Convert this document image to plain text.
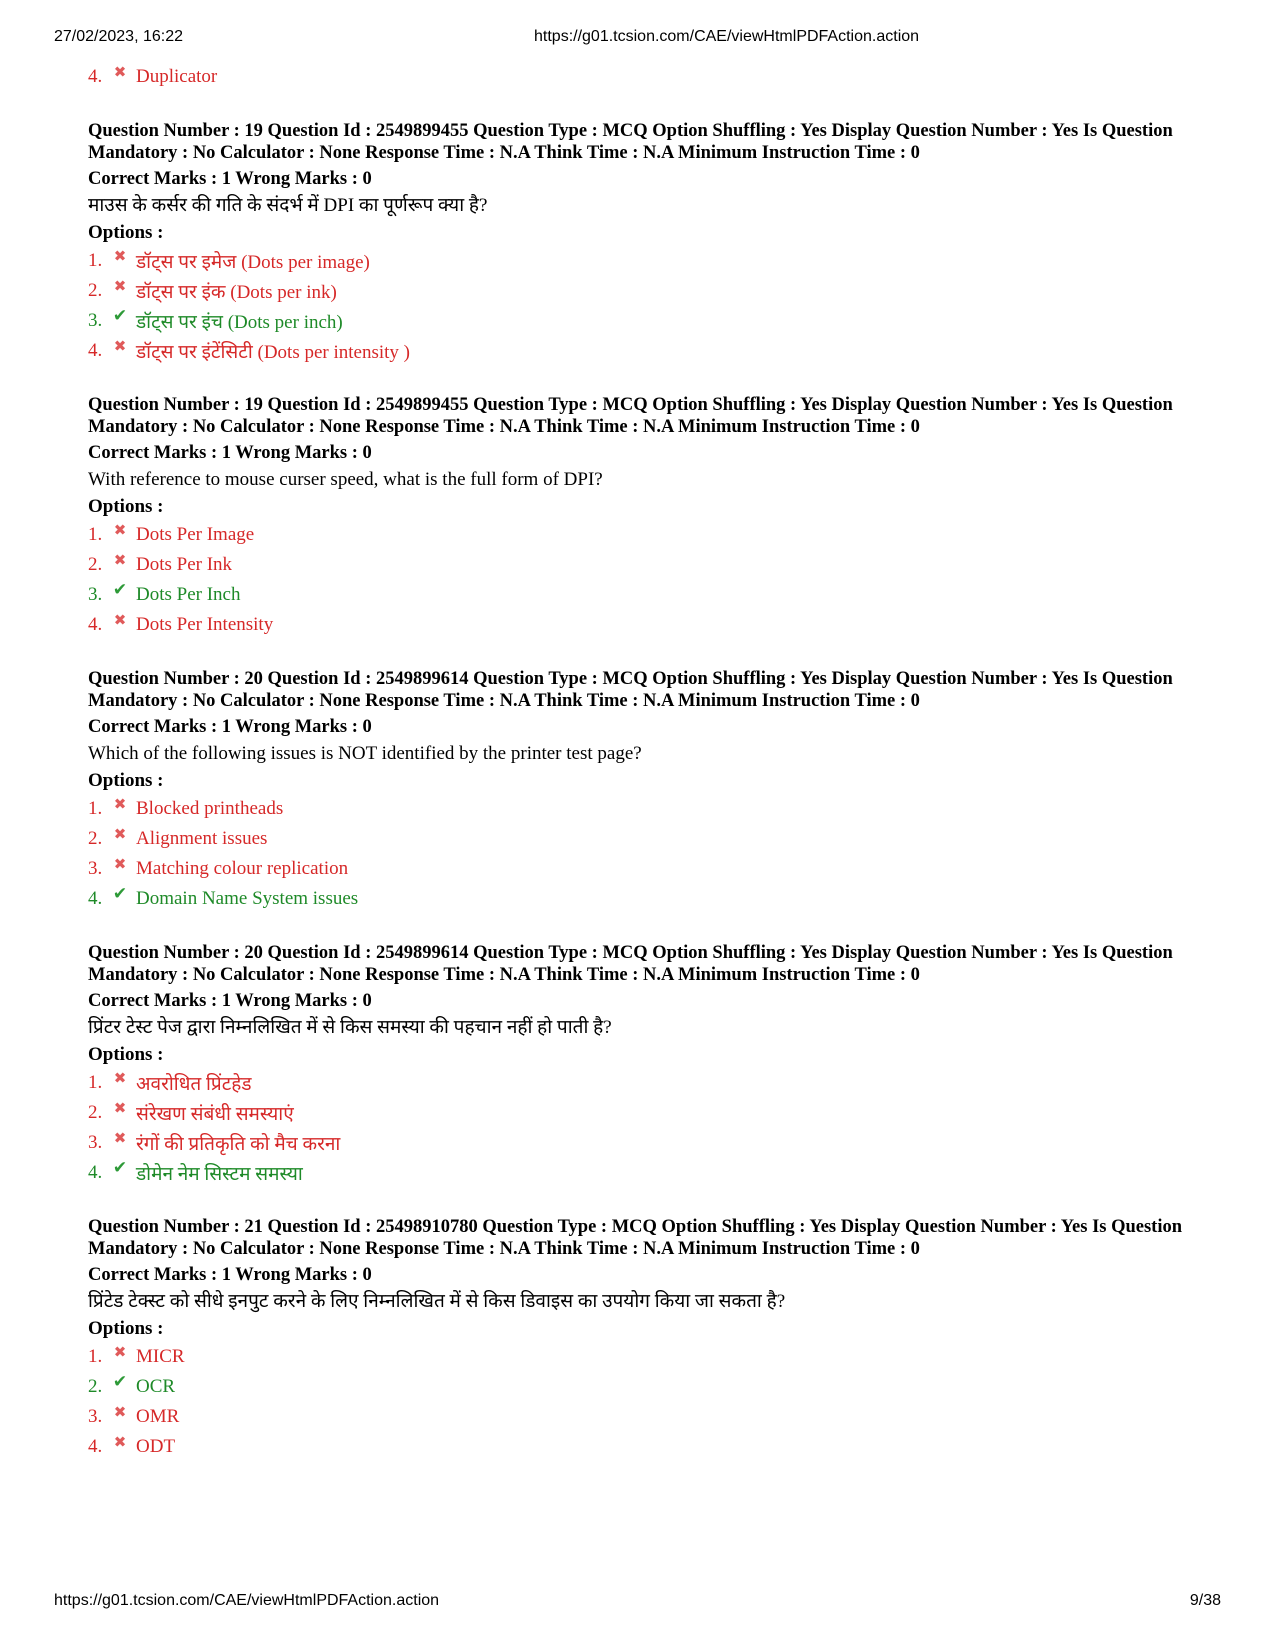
27/02/2023, 16:22	https://g01.tcsion.com/CAE/viewHtmlPDFAction.action
4. ✖ Duplicator
Question Number : 19 Question Id : 2549899455 Question Type : MCQ Option Shuffling : Yes Display Question Number : Yes Is Question Mandatory : No Calculator : None Response Time : N.A Think Time : N.A Minimum Instruction Time : 0
Correct Marks : 1 Wrong Marks : 0
माउस के कर्सर की गति के संदर्भ में DPI का पूर्णरूप क्या है?
Options :
1. ✖ डॉट्स पर इमेज (Dots per image)
2. ✖ डॉट्स पर इंक (Dots per ink)
3. ✔ डॉट्स पर इंच (Dots per inch)
4. ✖ डॉट्स पर इंटेंसिटी (Dots per intensity )
Question Number : 19 Question Id : 2549899455 Question Type : MCQ Option Shuffling : Yes Display Question Number : Yes Is Question Mandatory : No Calculator : None Response Time : N.A Think Time : N.A Minimum Instruction Time : 0
Correct Marks : 1 Wrong Marks : 0
With reference to mouse curser speed, what is the full form of DPI?
Options :
1. ✖ Dots Per Image
2. ✖ Dots Per Ink
3. ✔ Dots Per Inch
4. ✖ Dots Per Intensity
Question Number : 20 Question Id : 2549899614 Question Type : MCQ Option Shuffling : Yes Display Question Number : Yes Is Question Mandatory : No Calculator : None Response Time : N.A Think Time : N.A Minimum Instruction Time : 0
Correct Marks : 1 Wrong Marks : 0
Which of the following issues is NOT identified by the printer test page?
Options :
1. ✖ Blocked printheads
2. ✖ Alignment issues
3. ✖ Matching colour replication
4. ✔ Domain Name System issues
Question Number : 20 Question Id : 2549899614 Question Type : MCQ Option Shuffling : Yes Display Question Number : Yes Is Question Mandatory : No Calculator : None Response Time : N.A Think Time : N.A Minimum Instruction Time : 0
Correct Marks : 1 Wrong Marks : 0
प्रिंटर टेस्ट पेज द्वारा निम्नलिखित में से किस समस्या की पहचान नहीं हो पाती है?
Options :
1. ✖ अवरोधित प्रिंटहेड
2. ✖ संरेखण संबंधी समस्याएं
3. ✖ रंगों की प्रतिकृति को मैच करना
4. ✔ डोमेन नेम सिस्टम समस्या
Question Number : 21 Question Id : 25498910780 Question Type : MCQ Option Shuffling : Yes Display Question Number : Yes Is Question Mandatory : No Calculator : None Response Time : N.A Think Time : N.A Minimum Instruction Time : 0
Correct Marks : 1 Wrong Marks : 0
प्रिंटेड टेक्स्ट को सीधे इनपुट करने के लिए निम्नलिखित में से किस डिवाइस का उपयोग किया जा सकता है?
Options :
1. ✖ MICR
2. ✔ OCR
3. ✖ OMR
4. ✖ ODT
https://g01.tcsion.com/CAE/viewHtmlPDFAction.action	9/38
